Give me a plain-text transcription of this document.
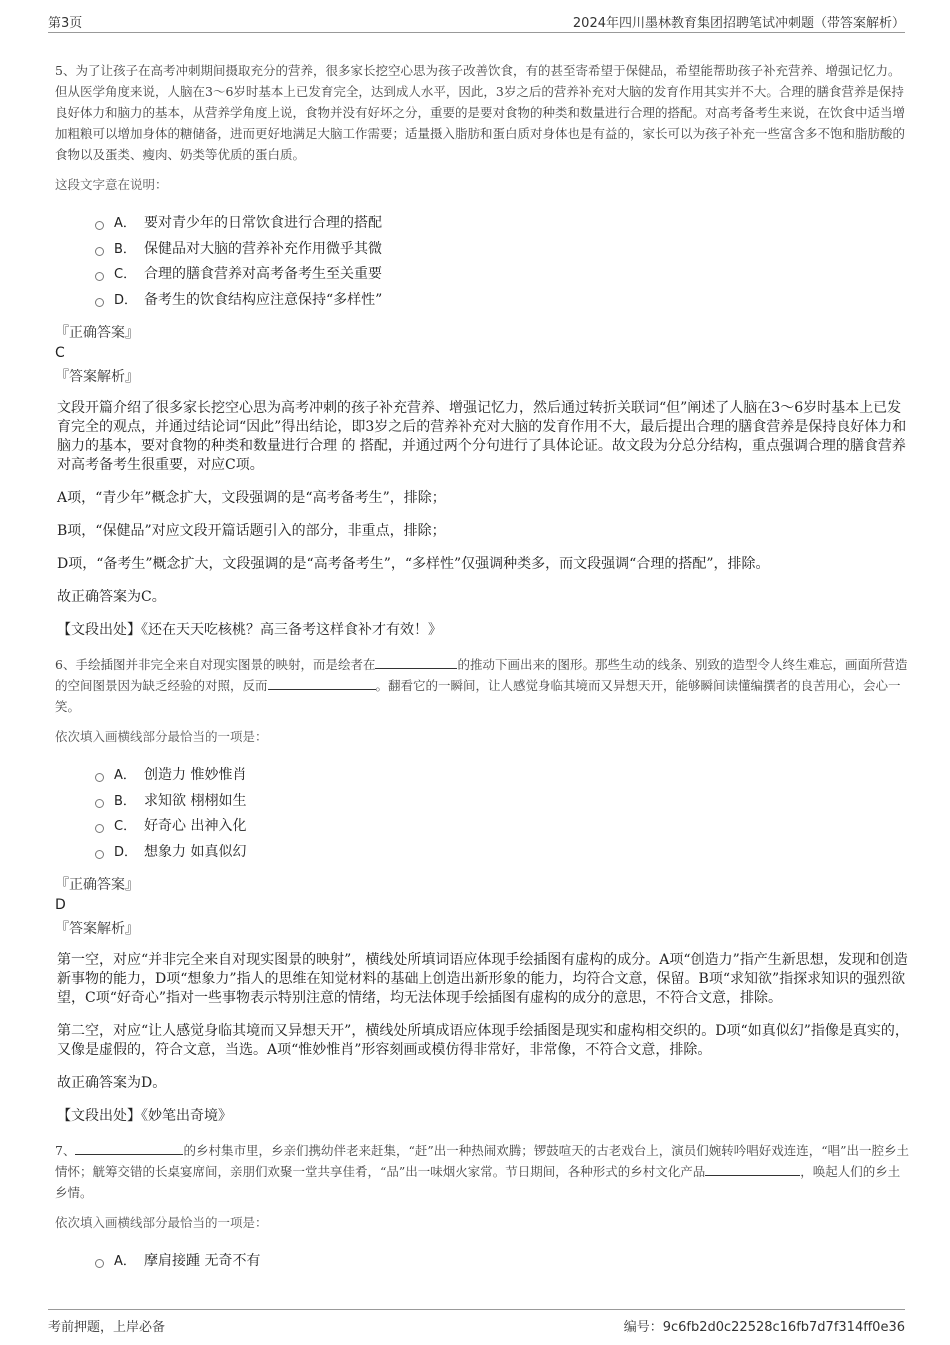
第3页	2024年四川墨林教育集团招聘笔试冲刺题（带答案解析）

5、为了让孩子在高考冲刺期间摄取充分的营养，很多家长挖空心思为孩子改善饮食，有的甚至寄希望于保健品，希望能帮助孩子补充营养、增强记忆力。但从医学角度来说，人脑在3～6岁时基本上已发育完全，达到成人水平，因此，3岁之后的营养补充对大脑的发育作用其实并不大。合理的膳食营养是保持良好体力和脑力的基本，从营养学角度上说，食物并没有好坏之分，重要的是要对食物的种类和数量进行合理的搭配。对高考备考生来说，在饮食中适当增加粗粮可以增加身体的糖储备，进而更好地满足大脑工作需要；适量摄入脂肪和蛋白质对身体也是有益的，家长可以为孩子补充一些富含多不饱和脂肪酸的食物以及蛋类、瘦肉、奶类等优质的蛋白质。

这段文字意在说明：

A． 要对青少年的日常饮食进行合理的搭配
B． 保健品对大脑的营养补充作用微乎其微
C． 合理的膳食营养对高考备考生至关重要
D． 备考生的饮食结构应注意保持“多样性”
『正确答案』
C
『答案解析』

文段开篇介绍了很多家长挖空心思为高考冲刺的孩子补充营养、增强记忆力，然后通过转折关联词“但”阐述了人脑在3～6岁时基本上已发育完全的观点，并通过结论词“因此”得出结论，即3岁之后的营养补充对大脑的发育作用不大，最后提出合理的膳食营养是保持良好体力和脑力的基本，要对食物的种类和数量进行合理 的 搭配，并通过两个分句进行了具体论证。故文段为分总分结构，重点强调合理的膳食营养对高考备考生很重要，对应C项。

A项，“青少年”概念扩大，文段强调的是“高考备考生”，排除；

B项，“保健品”对应文段开篇话题引入的部分，非重点，排除；

D项，“备考生”概念扩大，文段强调的是“高考备考生”，“多样性”仅强调种类多，而文段强调“合理的搭配”，排除。

故正确答案为C。

【文段出处】《还在天天吃核桃？高三备考这样食补才有效！》

6、手绘插图并非完全来自对现实图景的映射，而是绘者在	的推动下画出来的图形。那些生动的线条、别致的造型令人终生难忘，画面所营造的空间图景因为缺乏经验的对照，反而	。翻看它的一瞬间，让人感觉身临其境而又异想天开，能够瞬间读懂编撰者的良苦用心，会心一笑。

依次填入画横线部分最恰当的一项是：

A． 创造力 惟妙惟肖
B． 求知欲 栩栩如生
C． 好奇心 出神入化
D． 想象力 如真似幻
『正确答案』
D
『答案解析』

第一空，对应“并非完全来自对现实图景的映射”，横线处所填词语应体现手绘插图有虚构的成分。A项“创造力”指产生新思想，发现和创造新事物的能力，D项“想象力”指人的思维在知觉材料的基础上创造出新形象的能力，均符合文意，保留。B项“求知欲”指探求知识的强烈欲望，C项“好奇心”指对一些事物表示特别注意的情绪，均无法体现手绘插图有虚构的成分的意思，不符合文意，排除。

第二空，对应“让人感觉身临其境而又异想天开”，横线处所填成语应体现手绘插图是现实和虚构相交织的。D项“如真似幻”指像是真实的，又像是虚假的，符合文意，当选。A项“惟妙惟肖”形容刻画或模仿得非常好，非常像，不符合文意，排除。

故正确答案为D。

【文段出处】《妙笔出奇境》

7、	的乡村集市里，乡亲们携幼伴老来赶集，“赶”出一种热闹欢腾；锣鼓喧天的古老戏台上，演员们婉转吟唱好戏连连，“唱”出一腔乡土情怀；觥筹交错的长桌宴席间，亲朋们欢聚一堂共享佳肴，“品”出一味烟火家常。节日期间，各种形式的乡村文化产品	，唤起人们的乡土乡情。

依次填入画横线部分最恰当的一项是：

A． 摩肩接踵 无奇不有
考前押题，上岸必备	编号：9c6fb2d0c22528c16fb7d7f314ff0e36
